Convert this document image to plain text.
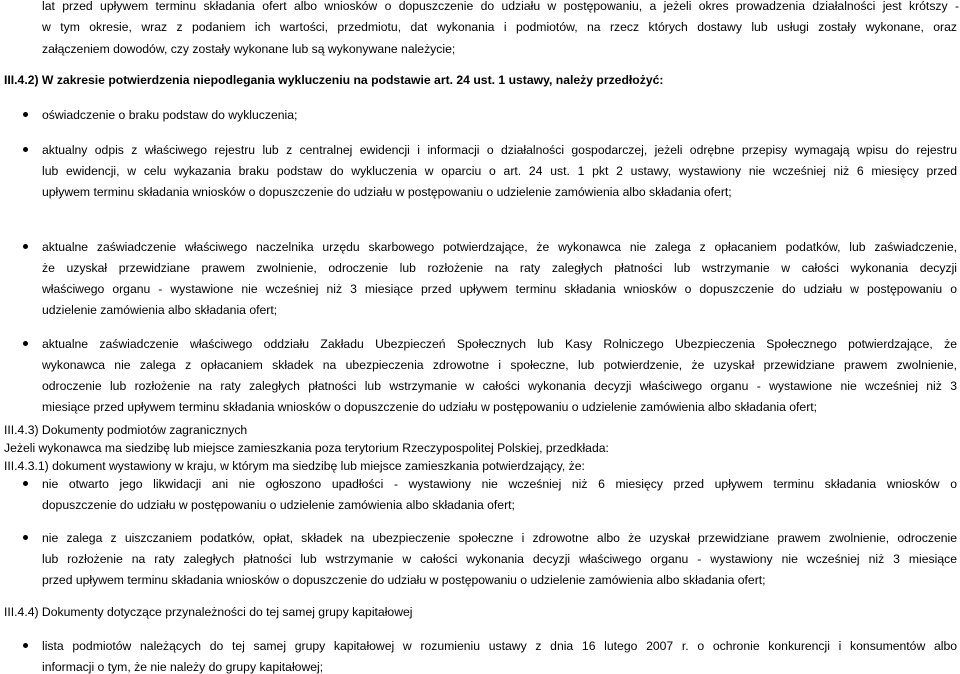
lat przed upływem terminu składania ofert albo wniosków o dopuszczenie do udziału w postępowaniu, a jeżeli okres prowadzenia działalności jest krótszy -
w tym okresie, wraz z podaniem ich wartości, przedmiotu, dat wykonania i podmiotów, na rzecz których dostawy lub usługi zostały wykonane, oraz
załączeniem dowodów, czy zostały wykonane lub są wykonywane należycie;
III.4.2) W zakresie potwierdzenia niepodlegania wykluczeniu na podstawie art. 24 ust. 1 ustawy, należy przedłożyć:
oświadczenie o braku podstaw do wykluczenia;
aktualny odpis z właściwego rejestru lub z centralnej ewidencji i informacji o działalności gospodarczej, jeżeli odrębne przepisy wymagają wpisu do rejestru
lub ewidencji, w celu wykazania braku podstaw do wykluczenia w oparciu o art. 24 ust. 1 pkt 2 ustawy, wystawiony nie wcześniej niż 6 miesięcy przed
upływem terminu składania wniosków o dopuszczenie do udziału w postępowaniu o udzielenie zamówienia albo składania ofert;
aktualne zaświadczenie właściwego naczelnika urzędu skarbowego potwierdzające, że wykonawca nie zalega z opłacaniem podatków, lub zaświadczenie,
że uzyskał przewidziane prawem zwolnienie, odroczenie lub rozłożenie na raty zaległych płatności lub wstrzymanie w całości wykonania decyzji
właściwego organu - wystawione nie wcześniej niż 3 miesiące przed upływem terminu składania wniosków o dopuszczenie do udziału w postępowaniu o
udzielenie zamówienia albo składania ofert;
aktualne zaświadczenie właściwego oddziału Zakładu Ubezpieczeń Społecznych lub Kasy Rolniczego Ubezpieczenia Społecznego potwierdzające, że
wykonawca nie zalega z opłacaniem składek na ubezpieczenia zdrowotne i społeczne, lub potwierdzenie, że uzyskał przewidziane prawem zwolnienie,
odroczenie lub rozłożenie na raty zaległych płatności lub wstrzymanie w całości wykonania decyzji właściwego organu - wystawione nie wcześniej niż 3
miesiące przed upływem terminu składania wniosków o dopuszczenie do udziału w postępowaniu o udzielenie zamówienia albo składania ofert;
III.4.3) Dokumenty podmiotów zagranicznych
Jeżeli wykonawca ma siedzibę lub miejsce zamieszkania poza terytorium Rzeczypospolitej Polskiej, przedkłada:
III.4.3.1) dokument wystawiony w kraju, w którym ma siedzibę lub miejsce zamieszkania potwierdzający, że:
nie otwarto jego likwidacji ani nie ogłoszono upadłości - wystawiony nie wcześniej niż 6 miesięcy przed upływem terminu składania wniosków o
dopuszczenie do udziału w postępowaniu o udzielenie zamówienia albo składania ofert;
nie zalega z uiszczaniem podatków, opłat, składek na ubezpieczenie społeczne i zdrowotne albo że uzyskał przewidziane prawem zwolnienie, odroczenie
lub rozłożenie na raty zaległych płatności lub wstrzymanie w całości wykonania decyzji właściwego organu - wystawiony nie wcześniej niż 3 miesiące
przed upływem terminu składania wniosków o dopuszczenie do udziału w postępowaniu o udzielenie zamówienia albo składania ofert;
III.4.4) Dokumenty dotyczące przynależności do tej samej grupy kapitałowej
lista podmiotów należących do tej samej grupy kapitałowej w rozumieniu ustawy z dnia 16 lutego 2007 r. o ochronie konkurencji i konsumentów albo
informacji o tym, że nie należy do grupy kapitałowej;
